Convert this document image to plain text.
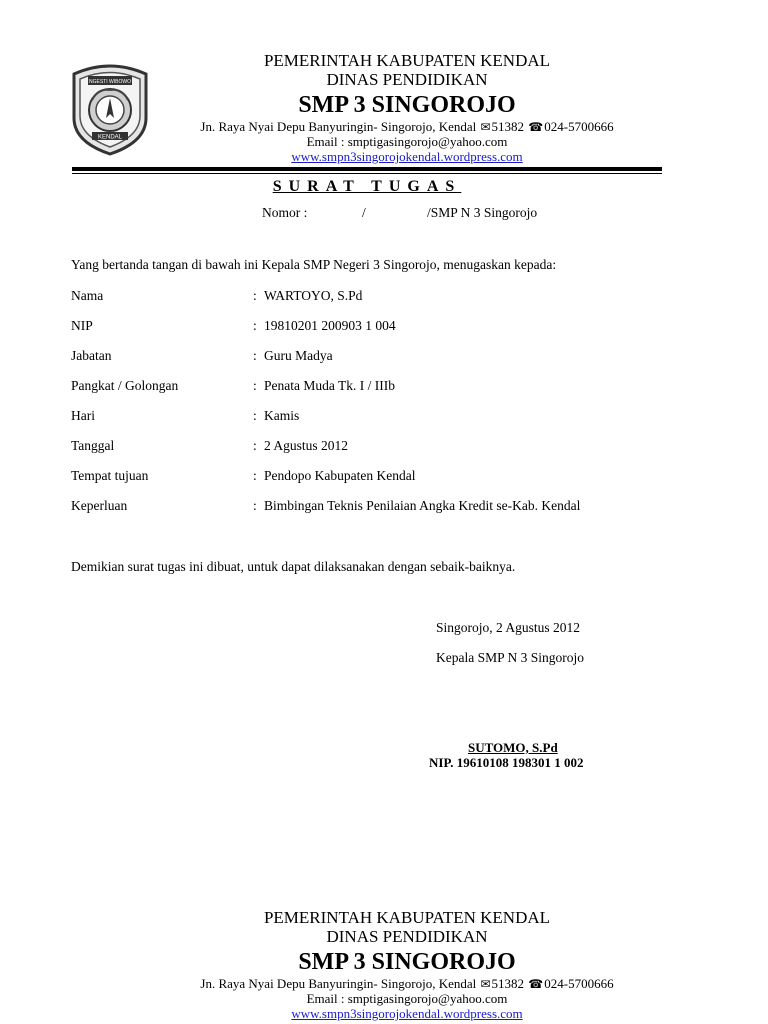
NGESTI WIBOWO
KENDAL
PEMERINTAH KABUPATEN KENDAL
DINAS PENDIDIKAN
SMP 3 SINGOROJO
Jn. Raya Nyai Depu Banyuringin- Singorojo, Kendal ✉51382 ☎024-5700666
Email : smptigasingorojo@yahoo.com
www.smpn3singorojokendal.wordpress.com
SURAT TUGAS
Nomor :	/	/SMP N 3 Singorojo
Yang bertanda tangan di bawah ini Kepala SMP Negeri 3 Singorojo, menugaskan kepada:
Nama	: WARTOYO, S.Pd
NIP	: 19810201 200903 1 004
Jabatan	: Guru Madya
Pangkat / Golongan	: Penata Muda Tk. I / IIIb
Hari	: Kamis
Tanggal	: 2 Agustus 2012
Tempat tujuan	: Pendopo Kabupaten Kendal
Keperluan	: Bimbingan Teknis Penilaian Angka Kredit se-Kab. Kendal
Demikian surat tugas ini dibuat, untuk dapat dilaksanakan dengan sebaik-baiknya.
Singorojo, 2 Agustus 2012
Kepala SMP N 3 Singorojo
SUTOMO, S.Pd
NIP. 19610108 198301 1 002
PEMERINTAH KABUPATEN KENDAL
DINAS PENDIDIKAN
SMP 3 SINGOROJO
Jn. Raya Nyai Depu Banyuringin- Singorojo, Kendal ✉51382 ☎024-5700666
Email : smptigasingorojo@yahoo.com
www.smpn3singorojokendal.wordpress.com
